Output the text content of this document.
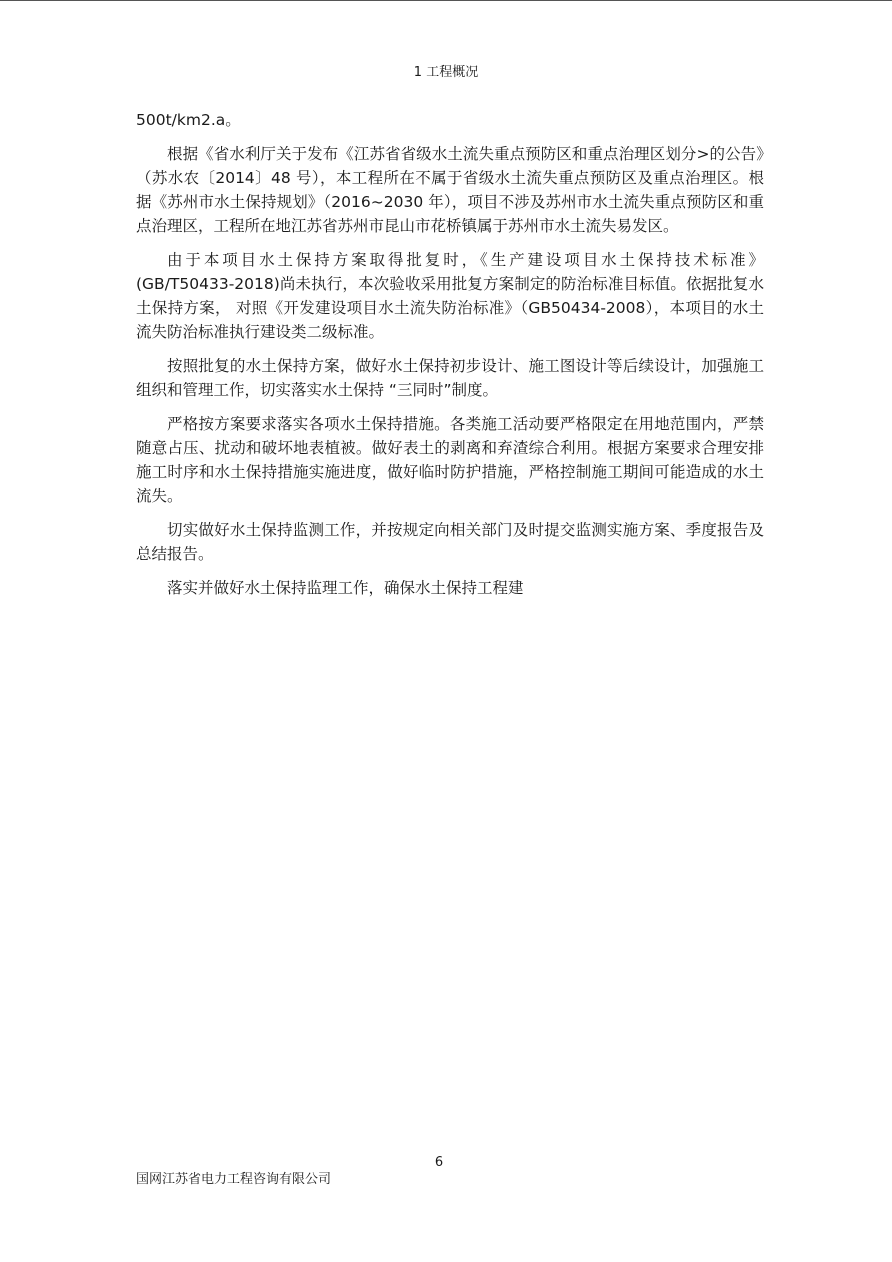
1 工程概况

500t/km2.a。

根据《省水利厅关于发布《江苏省省级水土流失重点预防区和重点治理区划分>的公告》（苏水农〔2014〕48 号），本工程所在不属于省级水土流失重点预防区及重点治理区。根据《苏州市水土保持规划》（2016~2030 年），项目不涉及苏州市水土流失重点预防区和重点治理区，工程所在地江苏省苏州市昆山市花桥镇属于苏州市水土流失易发区。

由于本项目水土保持方案取得批复时，《生产建设项目水土保持技术标准》(GB/T50433-2018)尚未执行，本次验收采用批复方案制定的防治标准目标值。依据批复水土保持方案， 对照《开发建设项目水土流失防治标准》（GB50434-2008），本项目的水土流失防治标准执行建设类二级标准。

按照批复的水土保持方案，做好水土保持初步设计、施工图设计等后续设计，加强施工组织和管理工作，切实落实水土保持 “三同时”制度。

严格按方案要求落实各项水土保持措施。各类施工活动要严格限定在用地范围内，严禁随意占压、扰动和破坏地表植被。做好表土的剥离和弃渣综合利用。根据方案要求合理安排施工时序和水土保持措施实施进度，做好临时防护措施，严格控制施工期间可能造成的水土流失。

切实做好水土保持监测工作，并按规定向相关部门及时提交监测实施方案、季度报告及总结报告。

落实并做好水土保持监理工作，确保水土保持工程建

6
国网江苏省电力工程咨询有限公司
